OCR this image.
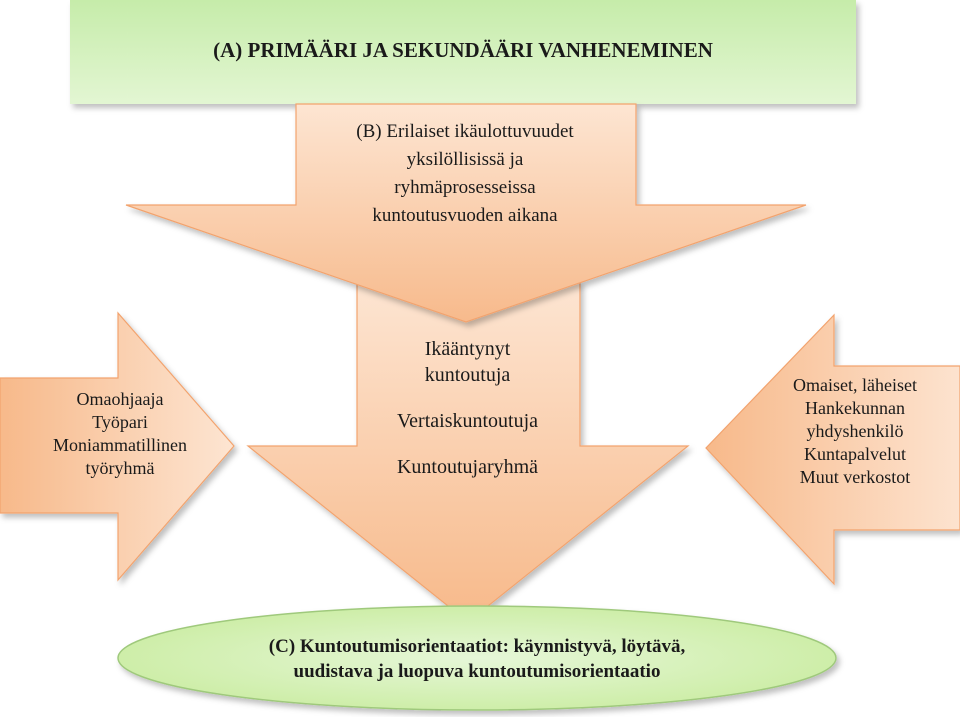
(A) PRIMÄÄRI JA SEKUNDÄÄRI VANHENEMINEN
(B) Erilaiset ikäulottuvuudet
yksilöllisissä ja
ryhmäprosesseissa
kuntoutusvuoden aikana
Ikääntynyt
kuntoutuja
Vertaiskuntoutuja
Kuntoutujaryhmä
Omaohjaaja
Työpari
Moniammatillinen
työryhmä
Omaiset, läheiset
Hankekunnan
yhdyshenkilö
Kuntapalvelut
Muut verkostot
(C) Kuntoutumisorientaatiot: käynnistyvä, löytävä,
uudistava ja luopuva kuntoutumisorientaatio
